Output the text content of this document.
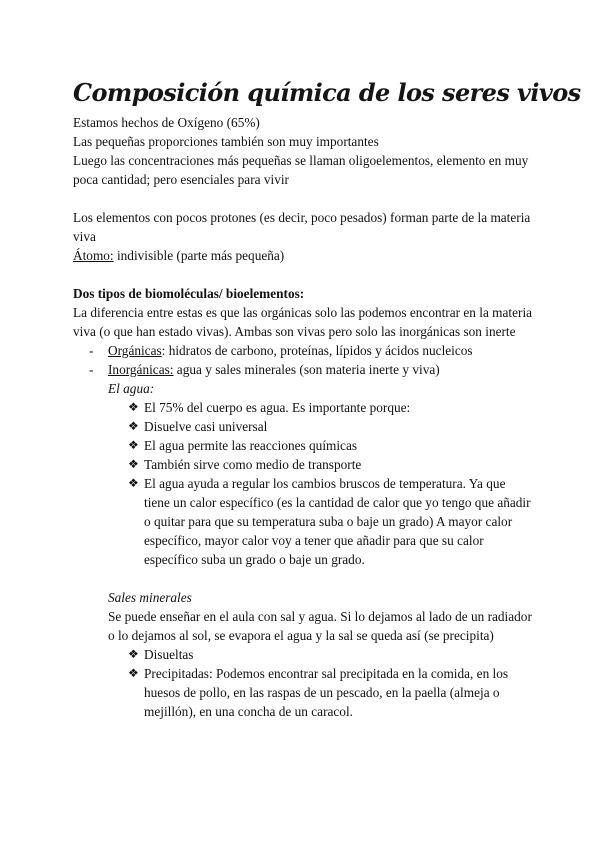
Composición química de los seres vivos

Estamos hechos de Oxígeno (65%)

Las pequeñas proporciones también son muy importantes

Luego las concentraciones más pequeñas se llaman oligoelementos, elemento en muy poca cantidad; pero esenciales para vivir

Los elementos con pocos protones (es decir, poco pesados) forman parte de la materia viva

Átomo: indivisible (parte más pequeña)

Dos tipos de biomoléculas/ bioelementos:

La diferencia entre estas es que las orgánicas solo las podemos encontrar en la materia viva (o que han estado vivas). Ambas son vivas pero solo las inorgánicas son inerte

- Orgánicas: hidratos de carbono, proteínas, lípidos y ácidos nucleicos
- Inorgánicas: agua y sales minerales (son materia inerte y viva)
El agua:
❖ El 75% del cuerpo es agua. Es importante porque:
❖ Disuelve casi universal
❖ El agua permite las reacciones químicas
❖ También sirve como medio de transporte
❖ El agua ayuda a regular los cambios bruscos de temperatura. Ya que tiene un calor específico (es la cantidad de calor que yo tengo que añadir o quitar para que su temperatura suba o baje un grado) A mayor calor específico, mayor calor voy a tener que añadir para que su calor específico suba un grado o baje un grado.

Sales minerales

Se puede enseñar en el aula con sal y agua. Si lo dejamos al lado de un radiador o lo dejamos al sol, se evapora el agua y la sal se queda así (se precipita)

❖ Disueltas
❖ Precipitadas: Podemos encontrar sal precipitada en la comida, en los huesos de pollo, en las raspas de un pescado, en la paella (almeja o mejillón), en una concha de un caracol.
